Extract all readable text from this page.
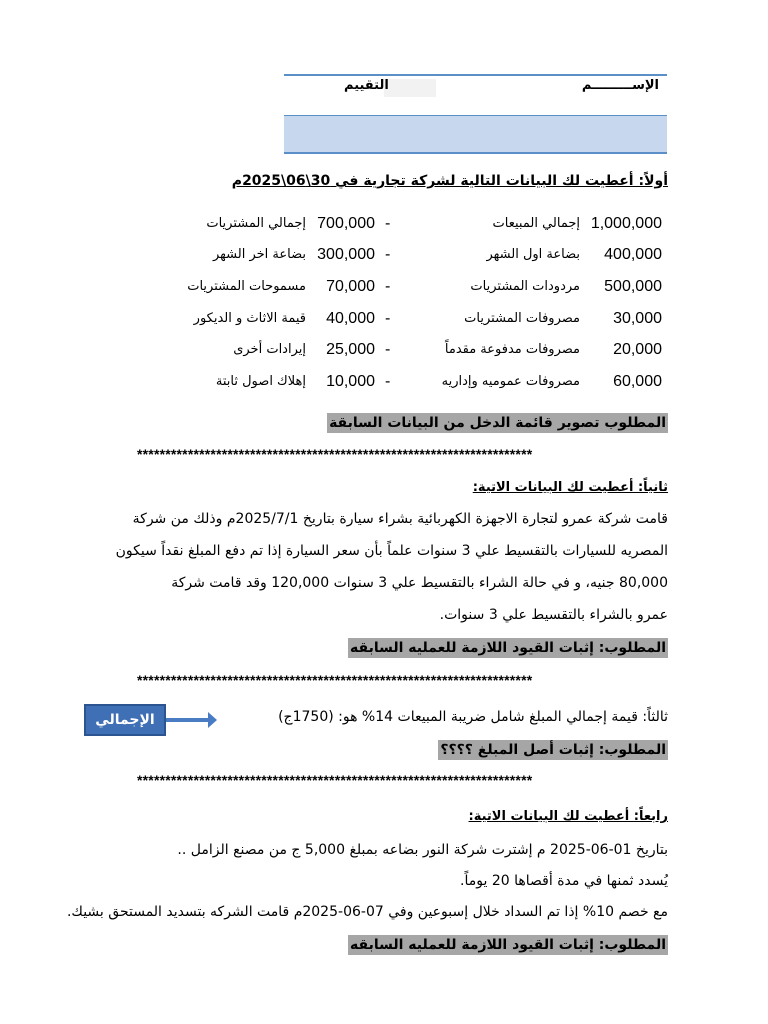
الإســـــــــم
التقييم
أولاً: أعطيت لك البيانات التالية لشركة تجارية في 30\06\2025م
1,000,000
إجمالي المبيعات
-
700,000
إجمالي المشتريات
400,000
بضاعة اول الشهر
-
300,000
بضاعة اخر الشهر
500,000
مردودات المشتريات
-
70,000
مسموحات المشتريات
30,000
مصروفات المشتريات
-
40,000
قيمة الاثاث و الديكور
20,000
مصروفات مدفوعة مقدماً
-
25,000
إيرادات أخرى
60,000
مصروفات عموميه وإداريه
-
10,000
إهلاك اصول ثابتة
المطلوب تصوير قائمة الدخل من البيانات السابقة
**********************************************************************
ثانياً: أعطيت لك البيانات الاتية:
قامت شركة عمرو لتجارة الاجهزة الكهربائية بشراء سيارة بتاريخ 2025/7/1م وذلك من شركة
المصريه للسيارات بالتقسيط علي 3 سنوات علماً بأن سعر السيارة إذا تم دفع المبلغ نقداً سيكون
80,000 جنيه، و في حالة الشراء بالتقسيط علي 3 سنوات 120,000 وقد قامت شركة
عمرو بالشراء بالتقسيط علي 3 سنوات.
المطلوب: إثبات القيود اللازمة للعمليه السابقه
**********************************************************************
ثالثاً: قيمة إجمالي المبلغ شامل ضريبة المبيعات 14% هو: (1750ج)
الإجمالي
المطلوب: إثبات أصل المبلغ ؟؟؟؟
**********************************************************************
رابعاً: أعطيت لك البيانات الاتية:
بتاريخ 01-06-2025 م إشترت شركة النور بضاعه بمبلغ 5,000 ج من مصنع الزامل ..
يُسدد ثمنها في مدة أقصاها 20 يوماً.
مع خصم 10% إذا تم السداد خلال إسبوعين وفي 07-06-2025م قامت الشركه بتسديد المستحق بشيك.
المطلوب: إثبات القيود اللازمة للعمليه السابقه
